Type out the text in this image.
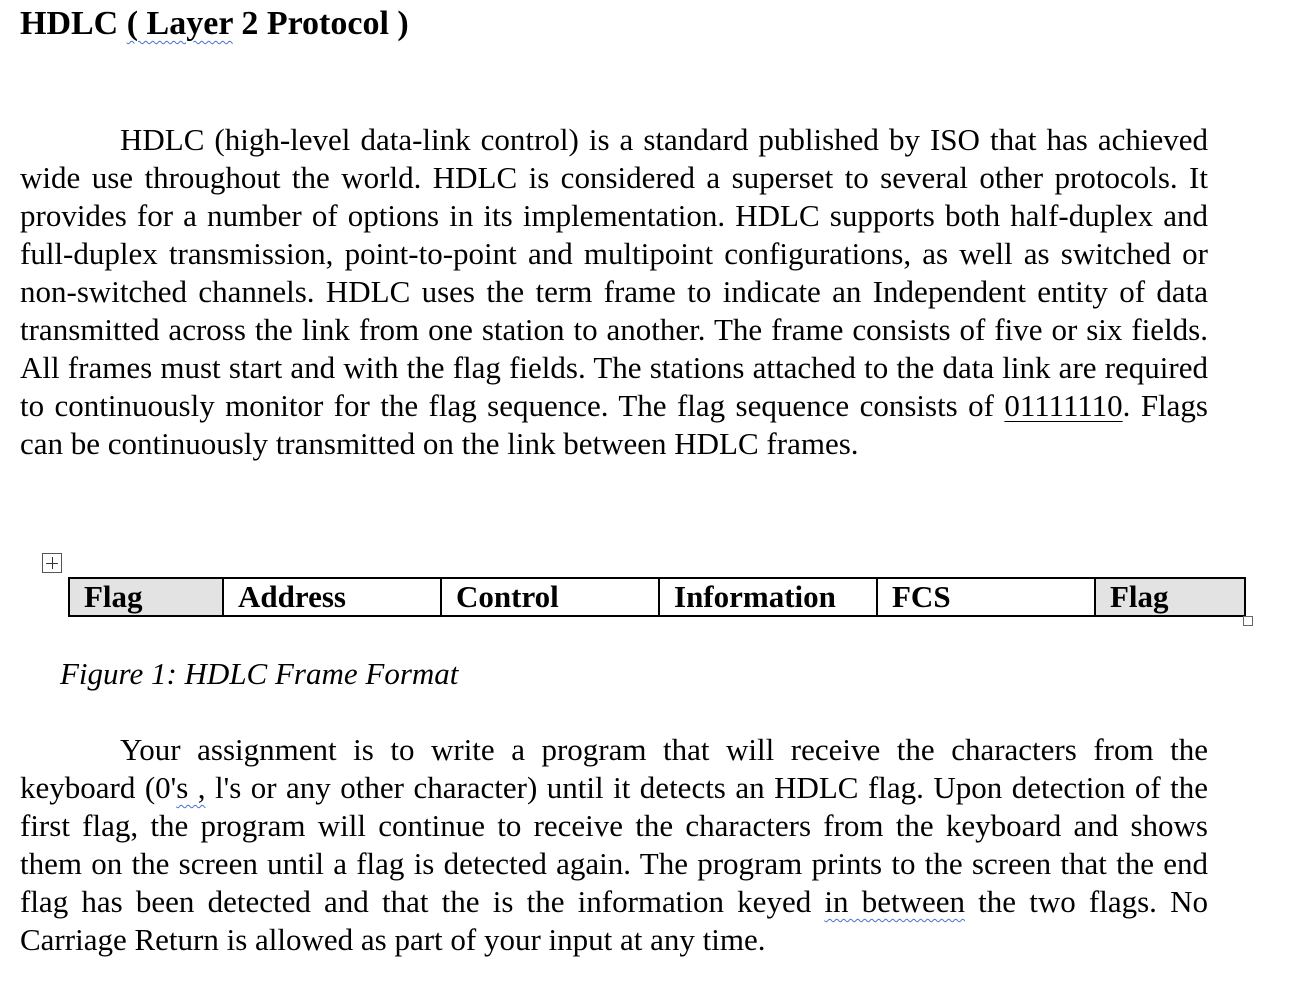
HDLC ( Layer 2 Protocol )

HDLC (high-level data-link control) is a standard published by ISO that has achieved wide use throughout the world. HDLC is considered a superset to several other protocols. It provides for a number of options in its implementation. HDLC supports both half-duplex and full-duplex transmission, point-to-point and multipoint configurations, as well as switched or non-switched channels. HDLC uses the term frame to indicate an Independent entity of data transmitted across the link from one station to another. The frame consists of five or six fields. All frames must start and with the flag fields. The stations attached to the data link are required to continuously monitor for the flag sequence. The flag sequence consists of 01111110. Flags can be continuously transmitted on the link between HDLC frames.

Flag	Address	Control	Information	FCS	Flag

Figure 1: HDLC Frame Format

Your assignment is to write a program that will receive the characters from the keyboard (0's , l's or any other character) until it detects an HDLC flag. Upon detection of the first flag, the program will continue to receive the characters from the keyboard and shows them on the screen until a flag is detected again. The program prints to the screen that the end flag has been detected and that the is the information keyed in between the two flags. No Carriage Return is allowed as part of your input at any time.
